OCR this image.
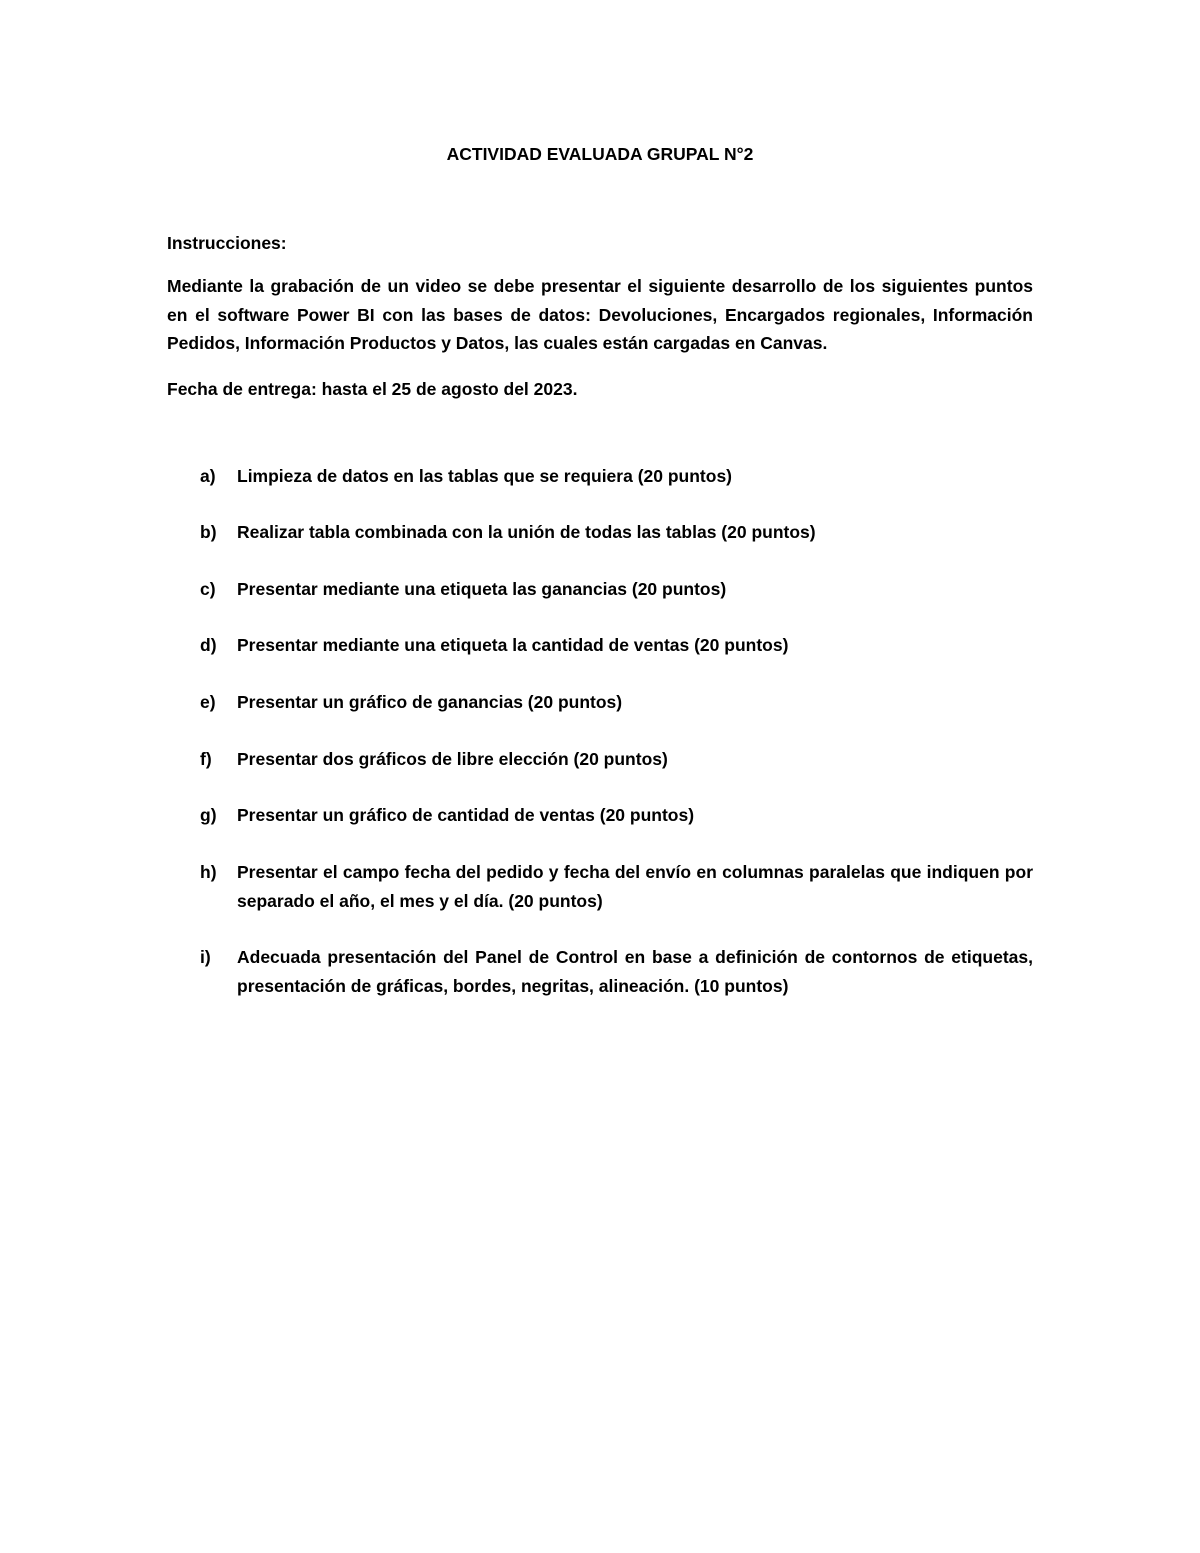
ACTIVIDAD EVALUADA GRUPAL N°2
Instrucciones:
Mediante la grabación de un video se debe presentar el siguiente desarrollo de los siguientes puntos en el software Power BI con las bases de datos: Devoluciones, Encargados regionales, Información Pedidos, Información Productos y Datos, las cuales están cargadas en Canvas.
Fecha de entrega: hasta el 25 de agosto del 2023.
a)	Limpieza de datos en las tablas que se requiera (20 puntos)
b)	Realizar tabla combinada con la unión de todas las tablas (20 puntos)
c)	Presentar mediante una etiqueta las ganancias (20 puntos)
d)	Presentar mediante una etiqueta la cantidad de ventas (20 puntos)
e)	Presentar un gráfico de ganancias (20 puntos)
f)	Presentar dos gráficos de libre elección (20 puntos)
g)	Presentar un gráfico de cantidad de ventas (20 puntos)
h)	Presentar el campo fecha del pedido y fecha del envío en columnas paralelas que indiquen por separado el año, el mes y el día. (20 puntos)
i)	Adecuada presentación del Panel de Control en base a definición de contornos de etiquetas, presentación de gráficas, bordes, negritas, alineación. (10 puntos)
